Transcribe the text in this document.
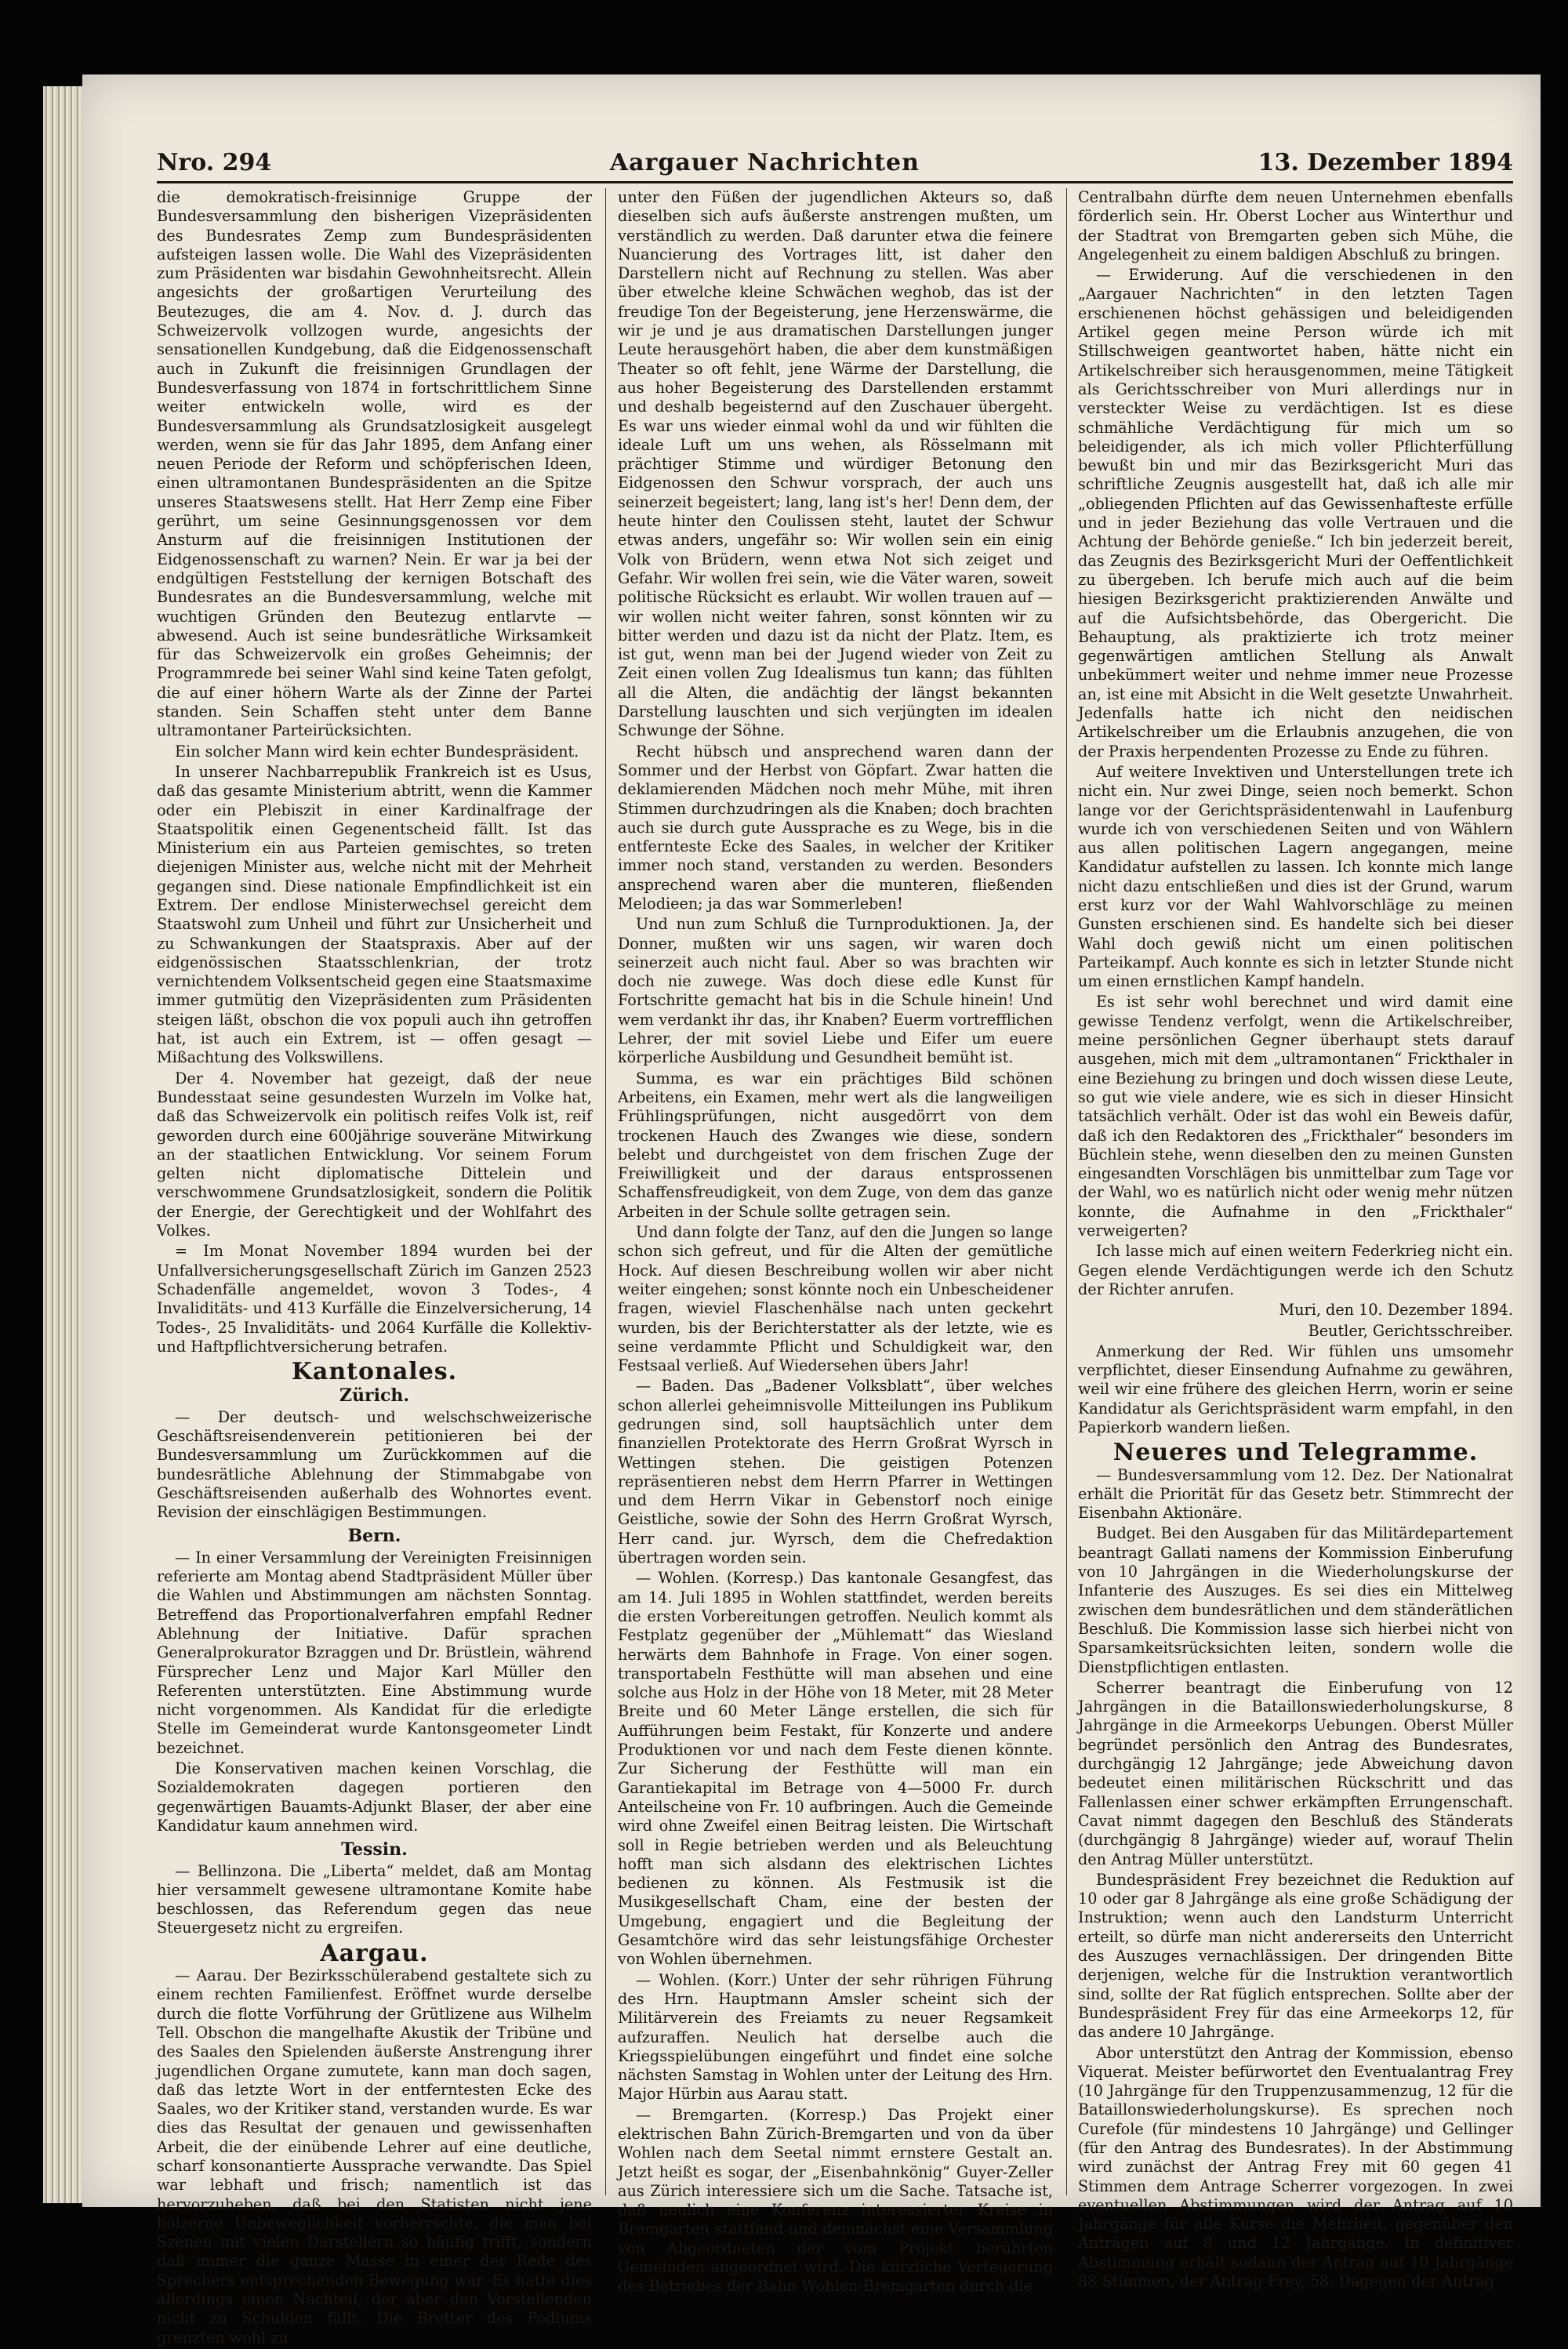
Nro. 294	Aargauer Nachrichten	13. Dezember 1894

die demokratisch-freisinnige Gruppe der Bundesversammlung den bisherigen Vizepräsidenten des Bundesrates Zemp zum Bundespräsidenten aufsteigen lassen wolle. Die Wahl des Vizepräsidenten zum Präsidenten war bisdahin Gewohnheitsrecht. Allein angesichts der großartigen Verurteilung des Beutezuges, die am 4. Nov. d. J. durch das Schweizervolk vollzogen wurde, angesichts der sensationellen Kundgebung, daß die Eidgenossenschaft auch in Zukunft die freisinnigen Grundlagen der Bundesverfassung von 1874 in fortschrittlichem Sinne weiter entwickeln wolle, wird es der Bundesversammlung als Grundsatzlosigkeit ausgelegt werden, wenn sie für das Jahr 1895, dem Anfang einer neuen Periode der Reform und schöpferischen Ideen, einen ultramontanen Bundespräsidenten an die Spitze unseres Staatswesens stellt. Hat Herr Zemp eine Fiber gerührt, um seine Gesinnungsgenossen vor dem Ansturm auf die freisinnigen Institutionen der Eidgenossenschaft zu warnen? Nein. Er war ja bei der endgültigen Feststellung der kernigen Botschaft des Bundesrates an die Bundesversammlung, welche mit wuchtigen Gründen den Beutezug entlarvte — abwesend. Auch ist seine bundesrätliche Wirksamkeit für das Schweizervolk ein großes Geheimnis; der Programmrede bei seiner Wahl sind keine Taten gefolgt, die auf einer höhern Warte als der Zinne der Partei standen. Sein Schaffen steht unter dem Banne ultramontaner Parteirücksichten.

Ein solcher Mann wird kein echter Bundespräsident.

In unserer Nachbarrepublik Frankreich ist es Usus, daß das gesamte Ministerium abtritt, wenn die Kammer oder ein Plebiszit in einer Kardinalfrage der Staatspolitik einen Gegenentscheid fällt. Ist das Ministerium ein aus Parteien gemischtes, so treten diejenigen Minister aus, welche nicht mit der Mehrheit gegangen sind. Diese nationale Empfindlichkeit ist ein Extrem. Der endlose Ministerwechsel gereicht dem Staatswohl zum Unheil und führt zur Unsicherheit und zu Schwankungen der Staatspraxis. Aber auf der eidgenössischen Staatsschlenkrian, der trotz vernichtendem Volksentscheid gegen eine Staatsmaxime immer gutmütig den Vizepräsidenten zum Präsidenten steigen läßt, obschon die vox populi auch ihn getroffen hat, ist auch ein Extrem, ist — offen gesagt — Mißachtung des Volkswillens.

Der 4. November hat gezeigt, daß der neue Bundesstaat seine gesundesten Wurzeln im Volke hat, daß das Schweizervolk ein politisch reifes Volk ist, reif geworden durch eine 600jährige souveräne Mitwirkung an der staatlichen Entwicklung. Vor seinem Forum gelten nicht diplomatische Dittelein und verschwommene Grundsatzlosigkeit, sondern die Politik der Energie, der Gerechtigkeit und der Wohlfahrt des Volkes.

= Im Monat November 1894 wurden bei der Unfallversicherungsgesellschaft Zürich im Ganzen 2523 Schadenfälle angemeldet, wovon 3 Todes-, 4 Invaliditäts- und 413 Kurfälle die Einzelversicherung, 14 Todes-, 25 Invaliditäts- und 2064 Kurfälle die Kollektiv- und Haftpflichtversicherung betrafen.

Kantonales.
Zürich.

— Der deutsch- und welschschweizerische Geschäftsreisendenverein petitionieren bei der Bundesversammlung um Zurückkommen auf die bundesrätliche Ablehnung der Stimmabgabe von Geschäftsreisenden außerhalb des Wohnortes event. Revision der einschlägigen Bestimmungen.

Bern.

— In einer Versammlung der Vereinigten Freisinnigen referierte am Montag abend Stadtpräsident Müller über die Wahlen und Abstimmungen am nächsten Sonntag. Betreffend das Proportionalverfahren empfahl Redner Ablehnung der Initiative. Dafür sprachen Generalprokurator Bzraggen und Dr. Brüstlein, während Fürsprecher Lenz und Major Karl Müller den Referenten unterstützten. Eine Abstimmung wurde nicht vorgenommen. Als Kandidat für die erledigte Stelle im Gemeinderat wurde Kantonsgeometer Lindt bezeichnet.

Die Konservativen machen keinen Vorschlag, die Sozialdemokraten dagegen portieren den gegenwärtigen Bauamts-Adjunkt Blaser, der aber eine Kandidatur kaum annehmen wird.

Tessin.

— Bellinzona. Die „Liberta“ meldet, daß am Montag hier versammelt gewesene ultramontane Komite habe beschlossen, das Referendum gegen das neue Steuergesetz nicht zu ergreifen.

Aargau.

— Aarau. Der Bezirksschülerabend gestaltete sich zu einem rechten Familienfest. Eröffnet wurde derselbe durch die flotte Vorführung der Grütlizene aus Wilhelm Tell. Obschon die mangelhafte Akustik der Tribüne und des Saales den Spielenden äußerste Anstrengung ihrer jugendlichen Organe zumutete, kann man doch sagen, daß das letzte Wort in der entferntesten Ecke des Saales, wo der Kritiker stand, verstanden wurde. Es war dies das Resultat der genauen und gewissenhaften Arbeit, die der einübende Lehrer auf eine deutliche, scharf konsonantierte Aussprache verwandte. Das Spiel war lebhaft und frisch; namentlich ist das hervorzuheben, daß bei den Statisten nicht jene hölzerne Unbeweglichkeit vorherrschte, die man bei Szenen mit vielen Darstellern so häufig trifft, sondern daß immer die ganze Masse in einer der Rede des Sprechers entsprechenden Bewegung war. Es hatte dies allerdings einen Nachteil, der aber den Vorstellenden nicht zu Schulden fällt. Die Bretter des Podiums grenzten wohl zu

unter den Füßen der jugendlichen Akteurs so, daß dieselben sich aufs äußerste anstrengen mußten, um verständlich zu werden. Daß darunter etwa die feinere Nuancierung des Vortrages litt, ist daher den Darstellern nicht auf Rechnung zu stellen. Was aber über etwelche kleine Schwächen weghob, das ist der freudige Ton der Begeisterung, jene Herzenswärme, die wir je und je aus dramatischen Darstellungen junger Leute herausgehört haben, die aber dem kunstmäßigen Theater so oft fehlt, jene Wärme der Darstellung, die aus hoher Begeisterung des Darstellenden erstammt und deshalb begeisternd auf den Zuschauer übergeht. Es war uns wieder einmal wohl da und wir fühlten die ideale Luft um uns wehen, als Rösselmann mit prächtiger Stimme und würdiger Betonung den Eidgenossen den Schwur vorsprach, der auch uns seinerzeit begeistert; lang, lang ist's her! Denn dem, der heute hinter den Coulissen steht, lautet der Schwur etwas anders, ungefähr so: Wir wollen sein ein einig Volk von Brüdern, wenn etwa Not sich zeiget und Gefahr. Wir wollen frei sein, wie die Väter waren, soweit politische Rücksicht es erlaubt. Wir wollen trauen auf — wir wollen nicht weiter fahren, sonst könnten wir zu bitter werden und dazu ist da nicht der Platz. Item, es ist gut, wenn man bei der Jugend wieder von Zeit zu Zeit einen vollen Zug Idealismus tun kann; das fühlten all die Alten, die andächtig der längst bekannten Darstellung lauschten und sich verjüngten im idealen Schwunge der Söhne.

Recht hübsch und ansprechend waren dann der Sommer und der Herbst von Göpfart. Zwar hatten die deklamierenden Mädchen noch mehr Mühe, mit ihren Stimmen durchzudringen als die Knaben; doch brachten auch sie durch gute Aussprache es zu Wege, bis in die entfernteste Ecke des Saales, in welcher der Kritiker immer noch stand, verstanden zu werden. Besonders ansprechend waren aber die munteren, fließenden Melodieen; ja das war Sommerleben!

Und nun zum Schluß die Turnproduktionen. Ja, der Donner, mußten wir uns sagen, wir waren doch seinerzeit auch nicht faul. Aber so was brachten wir doch nie zuwege. Was doch diese edle Kunst für Fortschritte gemacht hat bis in die Schule hinein! Und wem verdankt ihr das, ihr Knaben? Euerm vortrefflichen Lehrer, der mit soviel Liebe und Eifer um euere körperliche Ausbildung und Gesundheit bemüht ist.

Summa, es war ein prächtiges Bild schönen Arbeitens, ein Examen, mehr wert als die langweiligen Frühlingsprüfungen, nicht ausgedörrt von dem trockenen Hauch des Zwanges wie diese, sondern belebt und durchgeistet von dem frischen Zuge der Freiwilligkeit und der daraus entsprossenen Schaffensfreudigkeit, von dem Zuge, von dem das ganze Arbeiten in der Schule sollte getragen sein.

Und dann folgte der Tanz, auf den die Jungen so lange schon sich gefreut, und für die Alten der gemütliche Hock. Auf diesen Beschreibung wollen wir aber nicht weiter eingehen; sonst könnte noch ein Unbescheidener fragen, wieviel Flaschenhälse nach unten geckehrt wurden, bis der Berichterstatter als der letzte, wie es seine verdammte Pflicht und Schuldigkeit war, den Festsaal verließ. Auf Wiedersehen übers Jahr!

— Baden. Das „Badener Volksblatt“, über welches schon allerlei geheimnisvolle Mitteilungen ins Publikum gedrungen sind, soll hauptsächlich unter dem finanziellen Protektorate des Herrn Großrat Wyrsch in Wettingen stehen. Die geistigen Potenzen repräsentieren nebst dem Herrn Pfarrer in Wettingen und dem Herrn Vikar in Gebenstorf noch einige Geistliche, sowie der Sohn des Herrn Großrat Wyrsch, Herr cand. jur. Wyrsch, dem die Chefredaktion übertragen worden sein.

— Wohlen. (Korresp.) Das kantonale Gesangfest, das am 14. Juli 1895 in Wohlen stattfindet, werden bereits die ersten Vorbereitungen getroffen. Neulich kommt als Festplatz gegenüber der „Mühlematt“ das Wiesland herwärts dem Bahnhofe in Frage. Von einer sogen. transportabeln Festhütte will man absehen und eine solche aus Holz in der Höhe von 18 Meter, mit 28 Meter Breite und 60 Meter Länge erstellen, die sich für Aufführungen beim Festakt, für Konzerte und andere Produktionen vor und nach dem Feste dienen könnte. Zur Sicherung der Festhütte will man ein Garantiekapital im Betrage von 4—5000 Fr. durch Anteilscheine von Fr. 10 aufbringen. Auch die Gemeinde wird ohne Zweifel einen Beitrag leisten. Die Wirtschaft soll in Regie betrieben werden und als Beleuchtung hofft man sich alsdann des elektrischen Lichtes bedienen zu können. Als Festmusik ist die Musikgesellschaft Cham, eine der besten der Umgebung, engagiert und die Begleitung der Gesamtchöre wird das sehr leistungsfähige Orchester von Wohlen übernehmen.

— Wohlen. (Korr.) Unter der sehr rührigen Führung des Hrn. Hauptmann Amsler scheint sich der Militärverein des Freiamts zu neuer Regsamkeit aufzuraffen. Neulich hat derselbe auch die Kriegsspielübungen eingeführt und findet eine solche nächsten Samstag in Wohlen unter der Leitung des Hrn. Major Hürbin aus Aarau statt.

— Bremgarten. (Korresp.) Das Projekt einer elektrischen Bahn Zürich-Bremgarten und von da über Wohlen nach dem Seetal nimmt ernstere Gestalt an. Jetzt heißt es sogar, der „Eisenbahnkönig“ Guyer-Zeller aus Zürich interessiere sich um die Sache. Tatsache ist, daß neulich eine Konferenz interessierter Kreise in Bremgarten stattfand und demnächst eine Versammlung von Abgeordneten der vom Projekt berührten Gemeinden angeordnet wird. Die kürzliche Verteuerung des Betriebes der Bahn Wohlen-Bremgarten durch die

Centralbahn dürfte dem neuen Unternehmen ebenfalls förderlich sein. Hr. Oberst Locher aus Winterthur und der Stadtrat von Bremgarten geben sich Mühe, die Angelegenheit zu einem baldigen Abschluß zu bringen.

— Erwiderung. Auf die verschiedenen in den „Aargauer Nachrichten“ in den letzten Tagen erschienenen höchst gehässigen und beleidigenden Artikel gegen meine Person würde ich mit Stillschweigen geantwortet haben, hätte nicht ein Artikelschreiber sich herausgenommen, meine Tätigkeit als Gerichtsschreiber von Muri allerdings nur in versteckter Weise zu verdächtigen. Ist es diese schmähliche Verdächtigung für mich um so beleidigender, als ich mich voller Pflichterfüllung bewußt bin und mir das Bezirksgericht Muri das schriftliche Zeugnis ausgestellt hat, daß ich alle mir „obliegenden Pflichten auf das Gewissenhafteste erfülle und in jeder Beziehung das volle Vertrauen und die Achtung der Behörde genieße.“ Ich bin jederzeit bereit, das Zeugnis des Bezirksgericht Muri der Oeffentlichkeit zu übergeben. Ich berufe mich auch auf die beim hiesigen Bezirksgericht praktizierenden Anwälte und auf die Aufsichtsbehörde, das Obergericht. Die Behauptung, als praktizierte ich trotz meiner gegenwärtigen amtlichen Stellung als Anwalt unbekümmert weiter und nehme immer neue Prozesse an, ist eine mit Absicht in die Welt gesetzte Unwahrheit. Jedenfalls hatte ich nicht den neidischen Artikelschreiber um die Erlaubnis anzugehen, die von der Praxis herpendenten Prozesse zu Ende zu führen.

Auf weitere Invektiven und Unterstellungen trete ich nicht ein. Nur zwei Dinge, seien noch bemerkt. Schon lange vor der Gerichtspräsidentenwahl in Laufenburg wurde ich von verschiedenen Seiten und von Wählern aus allen politischen Lagern angegangen, meine Kandidatur aufstellen zu lassen. Ich konnte mich lange nicht dazu entschließen und dies ist der Grund, warum erst kurz vor der Wahl Wahlvorschläge zu meinen Gunsten erschienen sind. Es handelte sich bei dieser Wahl doch gewiß nicht um einen politischen Parteikampf. Auch konnte es sich in letzter Stunde nicht um einen ernstlichen Kampf handeln.

Es ist sehr wohl berechnet und wird damit eine gewisse Tendenz verfolgt, wenn die Artikelschreiber, meine persönlichen Gegner überhaupt stets darauf ausgehen, mich mit dem „ultramontanen“ Frickthaler in eine Beziehung zu bringen und doch wissen diese Leute, so gut wie viele andere, wie es sich in dieser Hinsicht tatsächlich verhält. Oder ist das wohl ein Beweis dafür, daß ich den Redaktoren des „Frickthaler“ besonders im Büchlein stehe, wenn dieselben den zu meinen Gunsten eingesandten Vorschlägen bis unmittelbar zum Tage vor der Wahl, wo es natürlich nicht oder wenig mehr nützen konnte, die Aufnahme in den „Frickthaler“ verweigerten?

Ich lasse mich auf einen weitern Federkrieg nicht ein. Gegen elende Verdächtigungen werde ich den Schutz der Richter anrufen.

Muri, den 10. Dezember 1894.

Beutler, Gerichtsschreiber.

Anmerkung der Red. Wir fühlen uns umsomehr verpflichtet, dieser Einsendung Aufnahme zu gewähren, weil wir eine frühere des gleichen Herrn, worin er seine Kandidatur als Gerichtspräsident warm empfahl, in den Papierkorb wandern ließen.

Neueres und Telegramme.

— Bundesversammlung vom 12. Dez. Der Nationalrat erhält die Priorität für das Gesetz betr. Stimmrecht der Eisenbahn Aktionäre.

Budget. Bei den Ausgaben für das Militärdepartement beantragt Gallati namens der Kommission Einberufung von 10 Jahrgängen in die Wiederholungskurse der Infanterie des Auszuges. Es sei dies ein Mittelweg zwischen dem bundesrätlichen und dem ständerätlichen Beschluß. Die Kommission lasse sich hierbei nicht von Sparsamkeitsrücksichten leiten, sondern wolle die Dienstpflichtigen entlasten.

Scherrer beantragt die Einberufung von 12 Jahrgängen in die Bataillonswiederholungskurse, 8 Jahrgänge in die Armeekorps Uebungen. Oberst Müller begründet persönlich den Antrag des Bundesrates, durchgängig 12 Jahrgänge; jede Abweichung davon bedeutet einen militärischen Rückschritt und das Fallenlassen einer schwer erkämpften Errungenschaft. Cavat nimmt dagegen den Beschluß des Ständerats (durchgängig 8 Jahrgänge) wieder auf, worauf Thelin den Antrag Müller unterstützt.

Bundespräsident Frey bezeichnet die Reduktion auf 10 oder gar 8 Jahrgänge als eine große Schädigung der Instruktion; wenn auch den Landsturm Unterricht erteilt, so dürfe man nicht andererseits den Unterricht des Auszuges vernachlässigen. Der dringenden Bitte derjenigen, welche für die Instruktion verantwortlich sind, sollte der Rat füglich entsprechen. Sollte aber der Bundespräsident Frey für das eine Armeekorps 12, für das andere 10 Jahrgänge.

Abor unterstützt den Antrag der Kommission, ebenso Viquerat. Meister befürwortet den Eventualantrag Frey (10 Jahrgänge für den Truppenzusammenzug, 12 für die Bataillonswiederholungskurse). Es sprechen noch Curefole (für mindestens 10 Jahrgänge) und Gellinger (für den Antrag des Bundesrates). In der Abstimmung wird zunächst der Antrag Frey mit 60 gegen 41 Stimmen dem Antrage Scherrer vorgezogen. In zwei eventuellen Abstimmungen wird der Antrag auf 10 Jahrgänge für alle Kurse die Mehrheit, gegenüber den Anträgen auf 8 und 12 Jahrgänge. In definitiver Abstimmung erhält sodann der Antrag auf 10 Jahrgänge 88 Stimmen, der Antrag Frey, 58. Dagegen der Antrag
